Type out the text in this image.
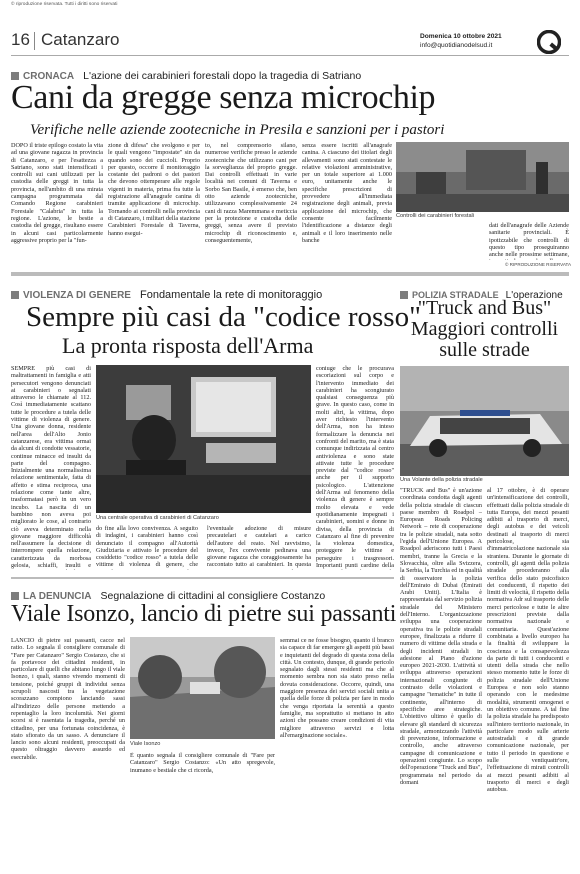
© riproduzione riservata. Tutti i diritti sono riservati
16 Catanzaro	Domenica 10 ottobre 2021
info@quotidianodelsud.it
CRONACA L'azione dei carabinieri forestali dopo la tragedia di Satriano
Cani da gregge senza microchip
Verifiche nelle aziende zootecniche in Presila e sanzioni per i pastori
DOPO il triste epilogo costato la vita ad una giovane ragazza in provincia di Catanzaro, e per l'esattezza a Satriano, sono stati intensificati i controlli sui cani utilizzati per la custodia delle greggi in tutta la provincia, nell'ambito di una mirata campagna programmata dal Comando Regione carabinieri Forestale "Calabria" in tutta la regione. L'azione, le bestie a custodia del gregge, risultano essere in alcuni casi particolarmente aggressive proprio per la "fun-
zione di difesa" che svolgono e per le quali vengono "impostate" sin da quando sono dei cuccioli. Proprio per questo, occorre il monitoraggio costante dei padroni o dei pastori che devono ottemperare alle regole vigenti in materia, prima fra tutte la registrazione all'anagrafe canina di tramite applicazione di microchip. Tornando ai controlli nella provincia di Catanzaro, i militari della stazione Carabinieri Forestale di Taverna, hanno esegui-
to, nel comprensorio silano, numerose verifiche presso le aziende zootecniche che utilizzano cani per la sorveglianza del proprio gregge. Dai controlli effettuati in varie località nei comuni di Taverna e Sorbo San Basile, è emerso che, ben otto aziende zootecniche, utilizzavano complessivamente 24 cani di razza Maremmana e meticcia per la protezione e custodia delle greggi, senza avere il previsto microchip di riconoscimento e, conseguentemente,
senza essere iscritti all'anagrafe canina. A ciascuno dei titolari degli allevamenti sono stati contestate le relative violazioni amministrative, per un totale superiore ai 1.000 euro, unitamente anche le specifiche prescrizioni di provvedere all'immediata registrazione degli animali, previa applicazione del microchip, che consente facilmente l'identificazione a distanze degli animali e il loro inserimento nelle banche
Controlli dei carabinieri forestali
dati dell'anagrafe delle Aziende sanitarie provinciali. È ipotizzabile che controlli di questo tipo proseguiranno anche nelle prossime settimane,
© RIPRODUZIONE RISERVATA
VIOLENZA DI GENERE Fondamentale la rete di monitoraggio
Sempre più casi da "codice rosso"
La pronta risposta dell'Arma
SEMPRE più casi di maltrattamenti in famiglia e atti persecutori vengono denunciati ai carabinieri o segnalati attraverso le chiamate al 112. Così immediatamente scattano tutte le procedure a tutela delle vittime di violenza di genere. Una giovane donna, residente nell'area dell'Alto Jonio catanzarese, era vittima ormai da alcuni di condotte vessatorie, continue minacce ed insulti da parte del compagno. Inizialmente una normalissima relazione sentimentale, fatta di affetto e stima reciproca, una relazione come tante altre, trasformatasi però in un vero incubo. La nascita di un bambino non aveva poi migliorato le cose, al contrario ciò aveva determinato nella giovane maggiore difficoltà nell'assumere la decisione di interrompere quella relazione, caratterizzata da morbosa gelosia, schiaffi, insulti e
Una centrale operativa di carabinieri di Catanzaro
do fine alla lovo convivenza. A seguito di indagini, i carabinieri hanno così denunciato il compagno all'Autorità Giudiziaria e attivato le procedure del cosiddetto "codice rosso" a tutela delle vittime di violenza di genere, che
l'eventuale adozione di misure precautelari e cautelari a carico dell'autore del reato. Nel ravvisimo, invece, l'ex convivente pedinava una giovane ragazza che coraggiosamente ha raccontato tutto ai carabinieri. In questa
coniuge che le procurava escoriazioni sul corpo e l'intervento immediato dei carabinieri ha scongiurato qualsiasi conseguenza più grave. In questo caso, come in molti altri, la vittima, dopo aver richiesto l'intervento dell'Arma, non ha inteso formalizzare la denuncia nei confronti del marito, ma è stata comunque indirizzata al centro antiviolenza e sono state attivate tutte le procedure previste dal "codice rosso" anche per il supporto psicologico. L'attenzione dell'Arma sul fenomeno della violenza di genere è sempre molto elevata e vede quotidianamente impegnati i carabinieri, uomini e donne in divisa, della provincia di Catanzaro al fine di prevenire la violenza domestica, proteggere le vittime e perseguire i trasgressori. Importanti punti cardine della
POLIZIA STRADALE L'operazione
"Truck and Bus" Maggiori controlli sulle strade
Una Volante della polizia stradale
"TRUCK and Bus" è un'azione coordinata condotta dagli agenti della polizia stradale di ciascun paese membro di Roadpol – European Roads Policing Network – rete di cooperazione tra le polizie stradali, nata sotto l'egida dell'Unione Europea. A Roadpol aderiscono tutti i Paesi membri, tranne la Grecia e la Slovacchia, oltre alla Svizzera, la Serbia, la Turchia ed in qualità di osservatore la polizia dell'Emirato di Dubai (Emirati Arabi Uniti). L'Italia è rappresentata dal servizio polizia stradale del Ministero dell'Interno. L'organizzazione sviluppa una cooperazione operativa tra le polizie stradali europee, finalizzata a ridurre il numero di vittime della strada e degli incidenti stradali in adesione al Piano d'azione europeo 2021-2030. L'attività si sviluppa attraverso operazioni internazionali congiunte di contrasto delle violazioni e campagne "tematiche" in tutte il continente, all'interno di specifiche aree strategiche. L'obiettivo ultimo è quello di elevare gli standard di sicurezza stradale, armonizzando l'attività di prevenzione, informazione e controllo, anche attraverso campagne di comunicazione e operazioni congiunte. Lo scopo dell'operazione "Truck and Bus", programmata nel periodo da domani
al 17 ottobre, è di operare un'intensificazione dei controlli, effettuati dalla polizia stradale di tutta Europa, dei mezzi pesanti adibiti al trasporto di merci, degli autobus e dei veicoli destinati al trasporto di merci pericolose, sia d'immatricolazione nazionale sia straniera. Durante le giornate di controlli, gli agenti della polizia stradale procederanno alla verifica dello stato psicofisico dei conducenti, il rispetto dei limiti di velocità, il rispetto della normativa Adr sul trasporto delle merci pericolose e tutte le altre prescrizioni previste dalla normativa nazionale e comunitaria. Quest'azione combinata a livello europeo ha la finalità di sviluppare la coscienza e la consapevolezza da parte di tutti i conducenti e utenti della strada che nello stesso momento tutte le forze di polizia stradale dell'Unione Europea e non solo stanno operando con le medesime modalità, strumenti omogenei e un obiettivo comune. A tal fine la polizia stradale ha predisposto sull'intero territorio nazionale, in particolare modo sulle arterie autostradali e di grande comunicazione nazionale, per tutto il periodo in questione e sulle ventiquattr'ore, l'effettuazione di mirati controlli ai mezzi pesanti adibiti al trasporto di merci e degli autobus.
LA DENUNCIA Segnalazione di cittadini al consigliere Costanzo
Viale Isonzo, lancio di pietre sui passanti
LANCIO di pietre sui passanti, cacce nel ratio. Lo segnala il consigliere comunale di "Fare per Catanzaro" Sergio Costanzo, che si fa portavoce dei cittadini residenti, in particolare di quelli che abitano lungo il viale Isonzo, i quali, stanno vivendo momenti di tensione, poiché gruppi di individui senza scrupoli nascosti tra la vegetazione scorazzano compiono lanciando sassi all'indirizzo delle persone mettendo a repentaglio la loro incolumità. Nei giorni scorsi si è rasentata la tragedia, perché un cittadino, per una fortunata coincidenza, è stato sfiorato da un sasso. A denunciare il lancio sono alcuni residenti, preoccupati da questo oltraggio davvero assurdo ed esecrabile.
Viale Isonzo
È quanto segnala il consigliere comunale di "Fare per Catanzaro" Sergio Costanzo: «Un atto spregevole, inumano e bestiale che ci ricorda,
semmai ce ne fosse bisogno, quanto il branco sia capace di far emergere gli aspetti più bassi e inquietanti del degrado di questa zona della città. Un contesto, dunque, di grande pericolo segnalato dagli stessi residenti ma che al momento sembra non sia stato preso nella dovuta considerazione. Occorre, quindi, una maggiore presenza dei servizi sociali unita a quella delle forze di polizia per fare in modo che venga riportata la serenità a questo famiglie, ma soprattutto si mettano in atto azioni che possano creare condizioni di vita migliore attraverso servizi e lotta all'emarginazione sociale».
